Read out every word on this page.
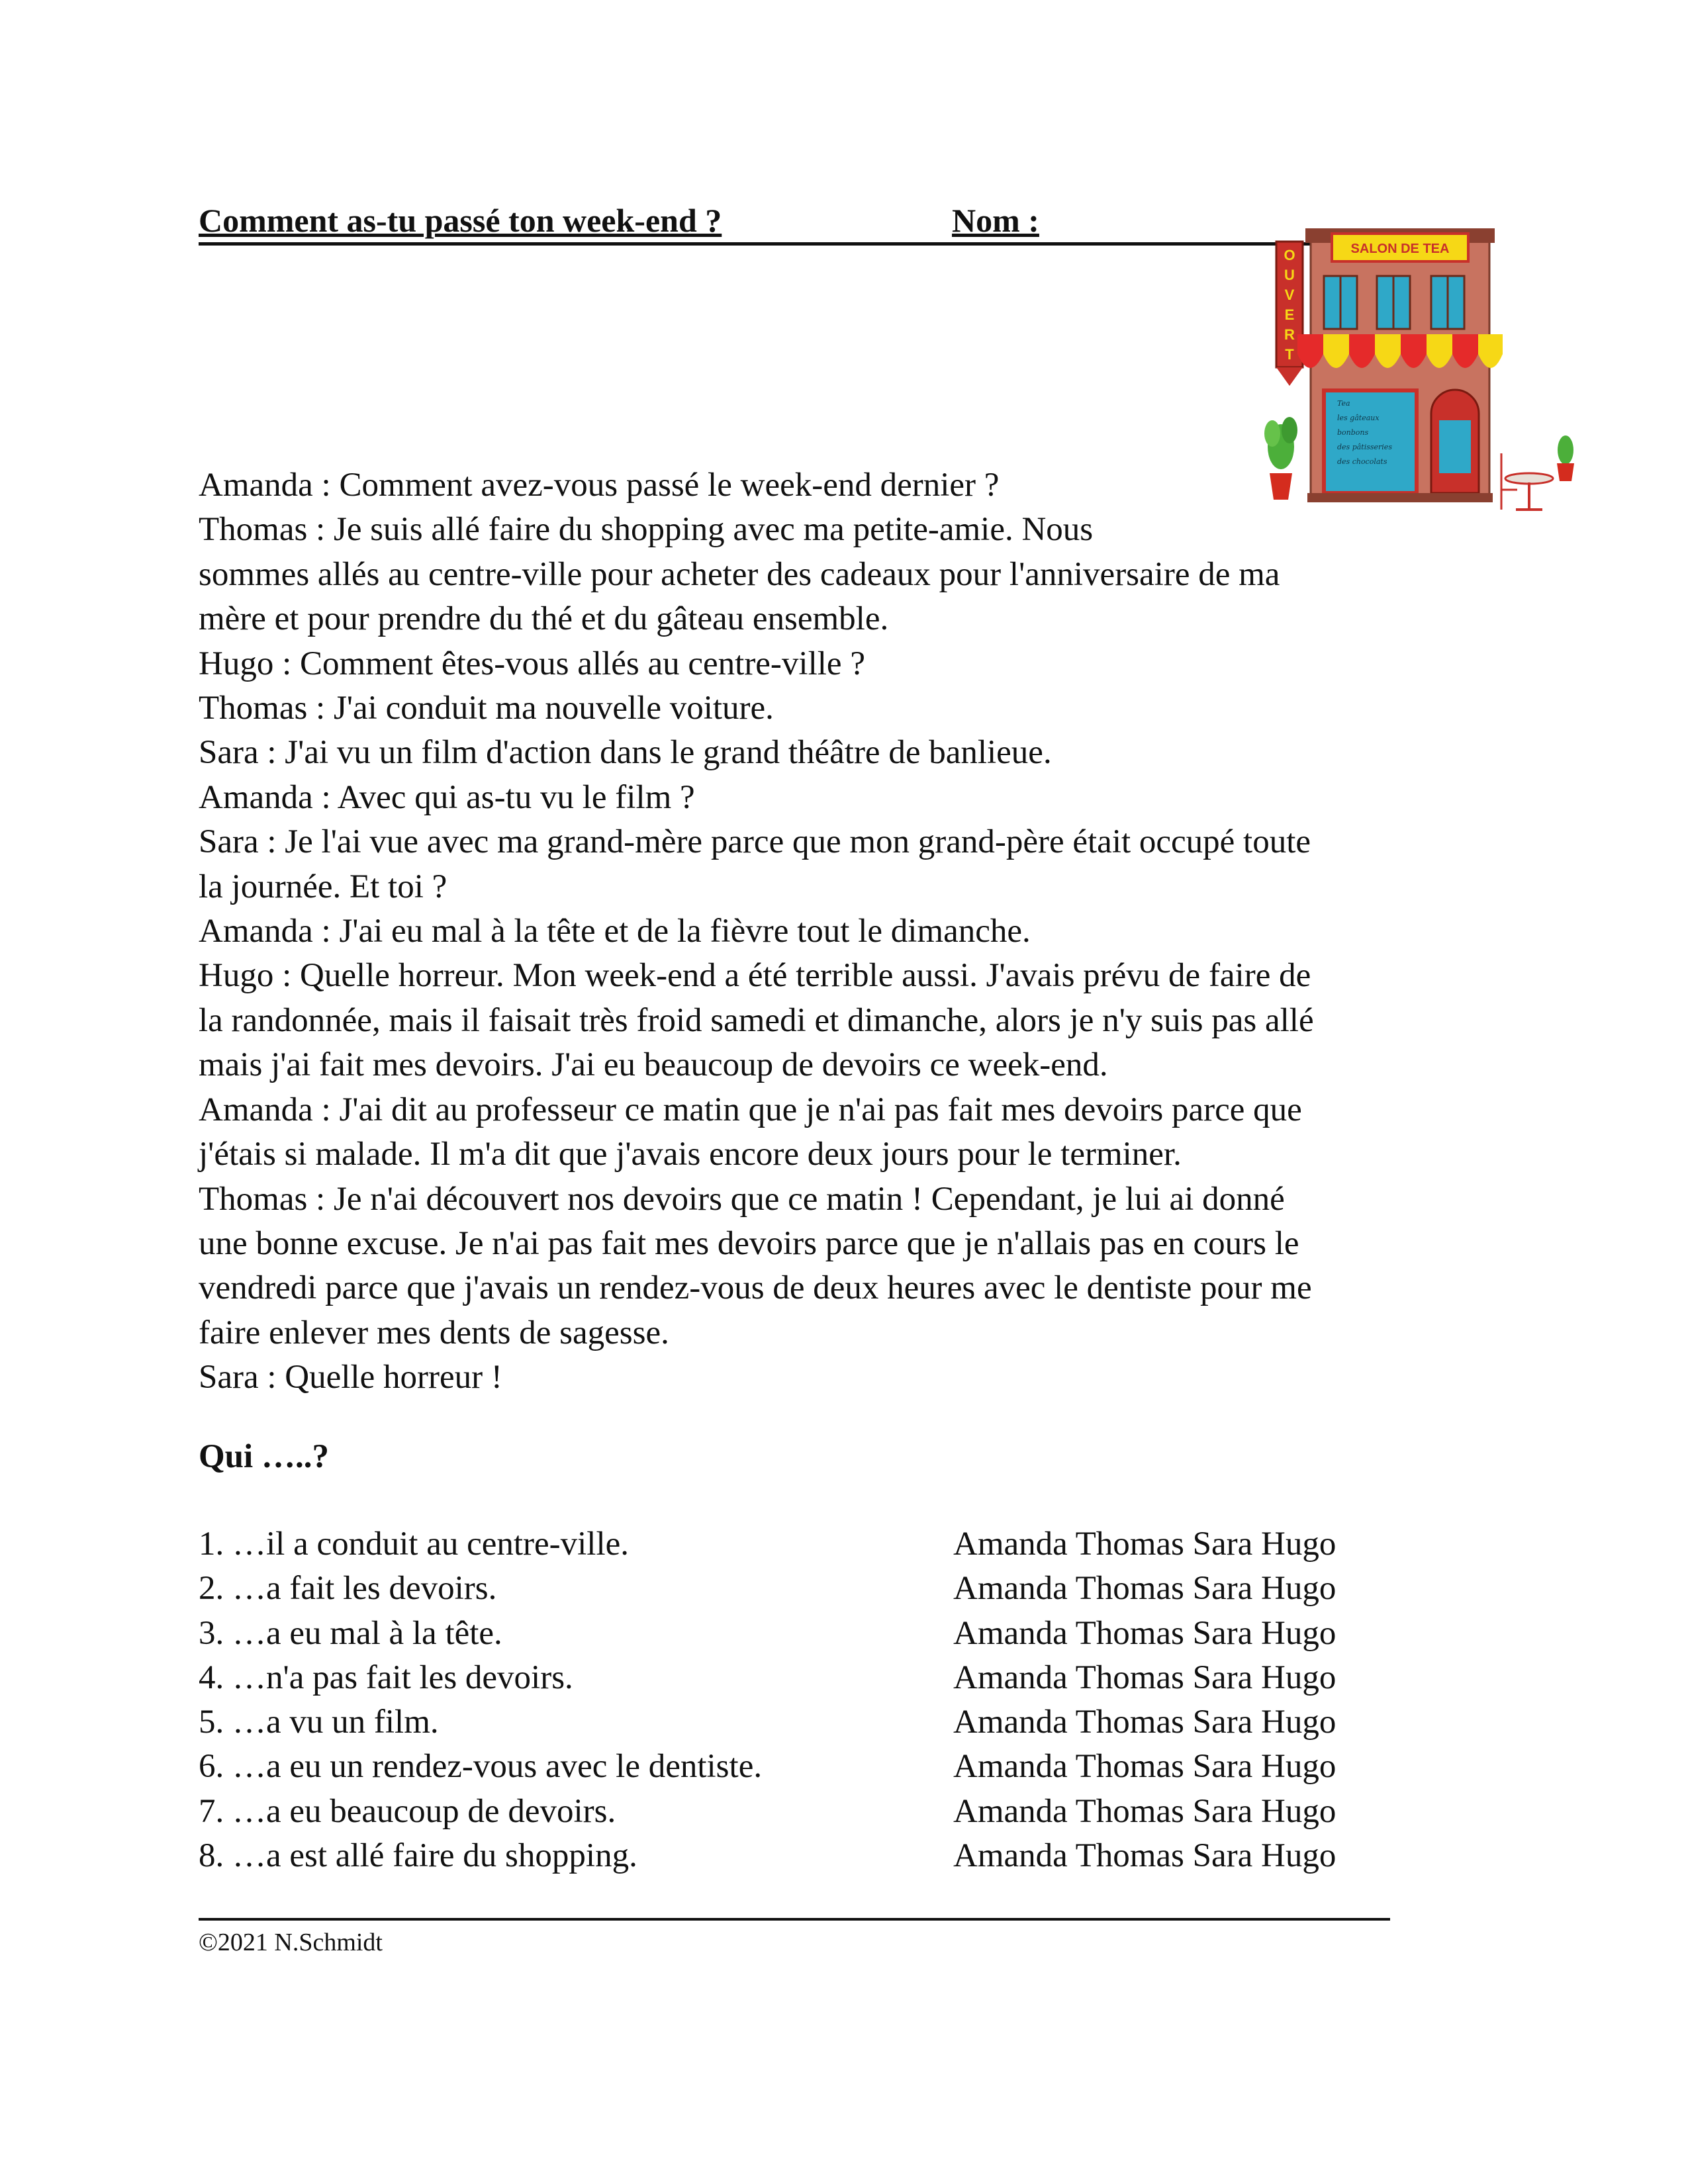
Comment as-tu passé ton week-end ?	Nom :
SALON DE TEA
O
U
V
E
R
T
Tea
les gâteaux
bonbons
des pâtisseries
des chocolats
Amanda : Comment avez-vous passé le week-end dernier ?
Thomas : Je suis allé faire du shopping avec ma petite-amie. Nous
sommes allés au centre-ville pour acheter des cadeaux pour l'anniversaire de ma
mère et pour prendre du thé et du gâteau ensemble.
Hugo : Comment êtes-vous allés au centre-ville ?
Thomas : J'ai conduit ma nouvelle voiture.
Sara : J'ai vu un film d'action dans le grand théâtre de banlieue.
Amanda : Avec qui as-tu vu le film ?
Sara : Je l'ai vue avec ma grand-mère parce que mon grand-père était occupé toute
la journée. Et toi ?
Amanda : J'ai eu mal à la tête et de la fièvre tout le dimanche.
Hugo : Quelle horreur. Mon week-end a été terrible aussi. J'avais prévu de faire de
la randonnée, mais il faisait très froid samedi et dimanche, alors je n'y suis pas allé
mais j'ai fait mes devoirs. J'ai eu beaucoup de devoirs ce week-end.
Amanda : J'ai dit au professeur ce matin que je n'ai pas fait mes devoirs parce que
j'étais si malade. Il m'a dit que j'avais encore deux jours pour le terminer.
Thomas : Je n'ai découvert nos devoirs que ce matin ! Cependant, je lui ai donné
une bonne excuse. Je n'ai pas fait mes devoirs parce que je n'allais pas en cours le
vendredi parce que j'avais un rendez-vous de deux heures avec le dentiste pour me
faire enlever mes dents de sagesse.
Sara : Quelle horreur !
Qui …..?
1. …il a conduit au centre-ville.	Amanda Thomas Sara Hugo
2. …a fait les devoirs.	Amanda Thomas Sara Hugo
3. …a eu mal à la tête.	Amanda Thomas Sara Hugo
4. …n'a pas fait les devoirs.	Amanda Thomas Sara Hugo
5. …a vu un film.	Amanda Thomas Sara Hugo
6. …a eu un rendez-vous avec le dentiste.	Amanda Thomas Sara Hugo
7. …a eu beaucoup de devoirs.	Amanda Thomas Sara Hugo
8. …a est allé faire du shopping.	Amanda Thomas Sara Hugo
©2021 N.Schmidt
